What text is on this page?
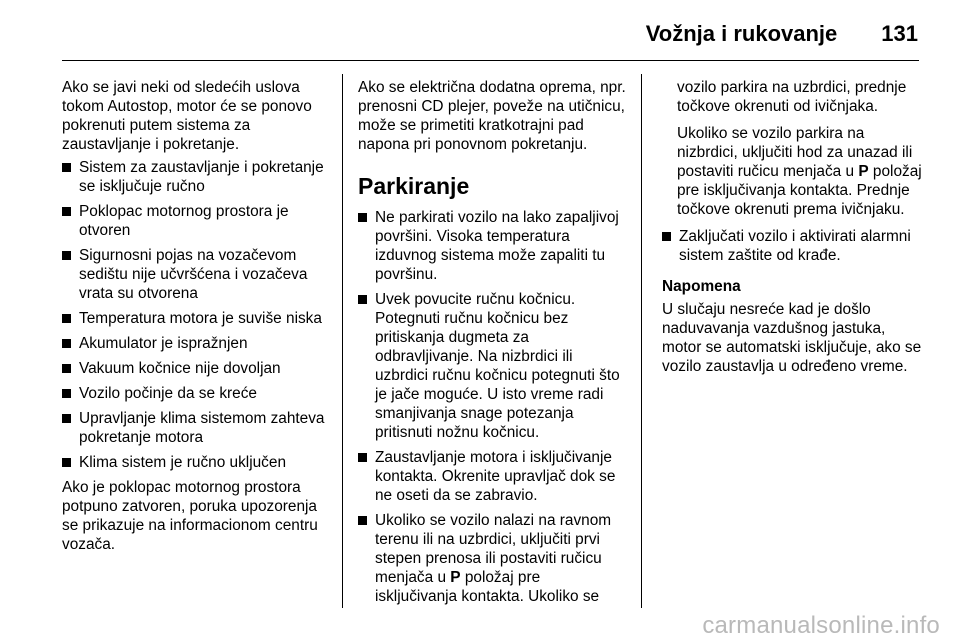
Vožnja i rukovanje 131

Ako se javi neki od sledećih uslova tokom Autostop, motor će se ponovo pokrenuti putem sistema za zaustavljanje i pokretanje.

Sistem za zaustavljanje i pokretanje se isključuje ručno
Poklopac motornog prostora je otvoren
Sigurnosni pojas na vozačevom sedištu nije učvršćena i vozačeva vrata su otvorena
Temperatura motora je suviše niska
Akumulator je ispražnjen
Vakuum kočnice nije dovoljan
Vozilo počinje da se kreće
Upravljanje klima sistemom zahteva pokretanje motora
Klima sistem je ručno uključen

Ako je poklopac motornog prostora potpuno zatvoren, poruka upozorenja se prikazuje na informacionom centru vozača.

Ako se električna dodatna oprema, npr. prenosni CD plejer, poveže na utičnicu, može se primetiti kratkotrajni pad napona pri ponovnom pokretanju.

Parkiranje
Ne parkirati vozilo na lako zapaljivoj površini. Visoka temperatura izduvnog sistema može zapaliti tu površinu.
Uvek povucite ručnu kočnicu. Potegnuti ručnu kočnicu bez pritiskanja dugmeta za odbravljivanje. Na nizbrdici ili uzbrdici ručnu kočnicu potegnuti što je jače moguće. U isto vreme radi smanjivanja snage potezanja pritisnuti nožnu kočnicu.
Zaustavljanje motora i isključivanje kontakta. Okrenite upravljač dok se ne oseti da se zabravio.
Ukoliko se vozilo nalazi na ravnom terenu ili na uzbrdici, uključiti prvi stepen prenosa ili postaviti ručicu menjača u P položaj pre isključivanja kontakta. Ukoliko se

vozilo parkira na uzbrdici, prednje točkove okrenuti od ivičnjaka.

Ukoliko se vozilo parkira na nizbrdici, uključiti hod za unazad ili postaviti ručicu menjača u P položaj pre isključivanja kontakta. Prednje točkove okrenuti prema ivičnjaku.

Zaključati vozilo i aktivirati alarmni sistem zaštite od krađe.

Napomena

U slučaju nesreće kad je došlo naduvavanja vazdušnog jastuka, motor se automatski isključuje, ako se vozilo zaustavlja u određeno vreme.

carmanualsonline.info
